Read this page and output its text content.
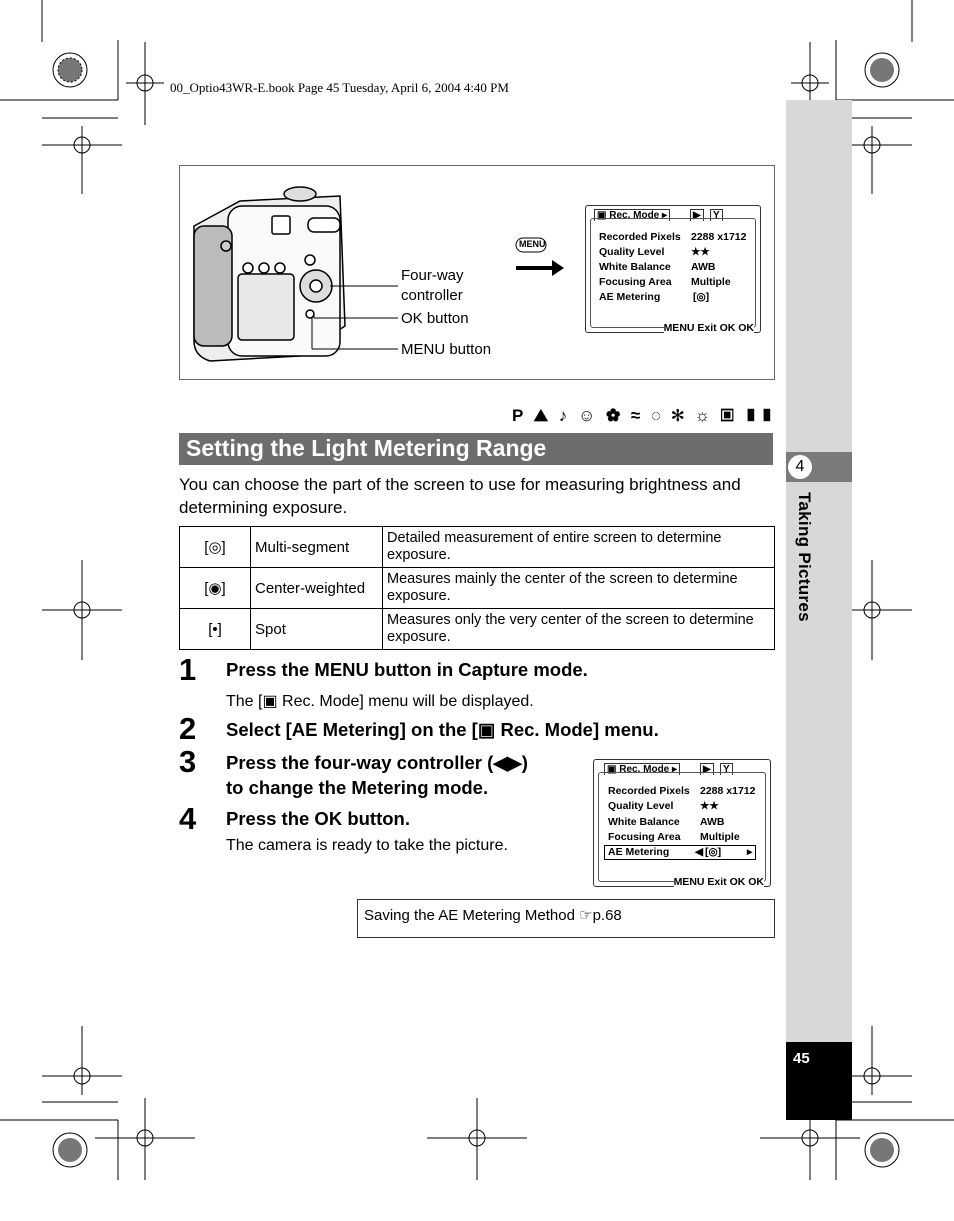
00_Optio43WR-E.book Page 45 Tuesday, April 6, 2004 4:40 PM
4
Taking Pictures
45
MENU
Four-way controller
OK button
MENU button
▣ Rec. Mode ▸	▶	Y
Recorded Pixels 2288 x1712
Quality Level	★★
White Balance AWB
Focusing Area Multiple
AE Metering	[◎]
MENU Exit OK OK
P ⛰ ♪ ☺ ✿ ≈ ◌ ✻ ☼ ▣ ▮▮
Setting the Light Metering Range
You can choose the part of the screen to use for measuring brightness and determining exposure.
[◎]	Multi-segment	Detailed measurement of entire screen to determine exposure.
[◉]	Center-weighted	Measures mainly the center of the screen to determine exposure.
[•]	Spot	Measures only the very center of the screen to determine exposure.
1 Press the MENU button in Capture mode.
The [▣ Rec. Mode] menu will be displayed.
2 Select [AE Metering] on the [▣ Rec. Mode] menu.
3 Press the four-way controller (◀▶)
to change the Metering mode.
4 Press the OK button.
The camera is ready to take the picture.
▣ Rec. Mode ▸	▶	Y
Recorded Pixels 2288 x1712
Quality Level	★★
White Balance AWB
Focusing Area Multiple
AE Metering ◀ [◎] ▸
MENU Exit OK OK
Saving the AE Metering Method ☞p.68
